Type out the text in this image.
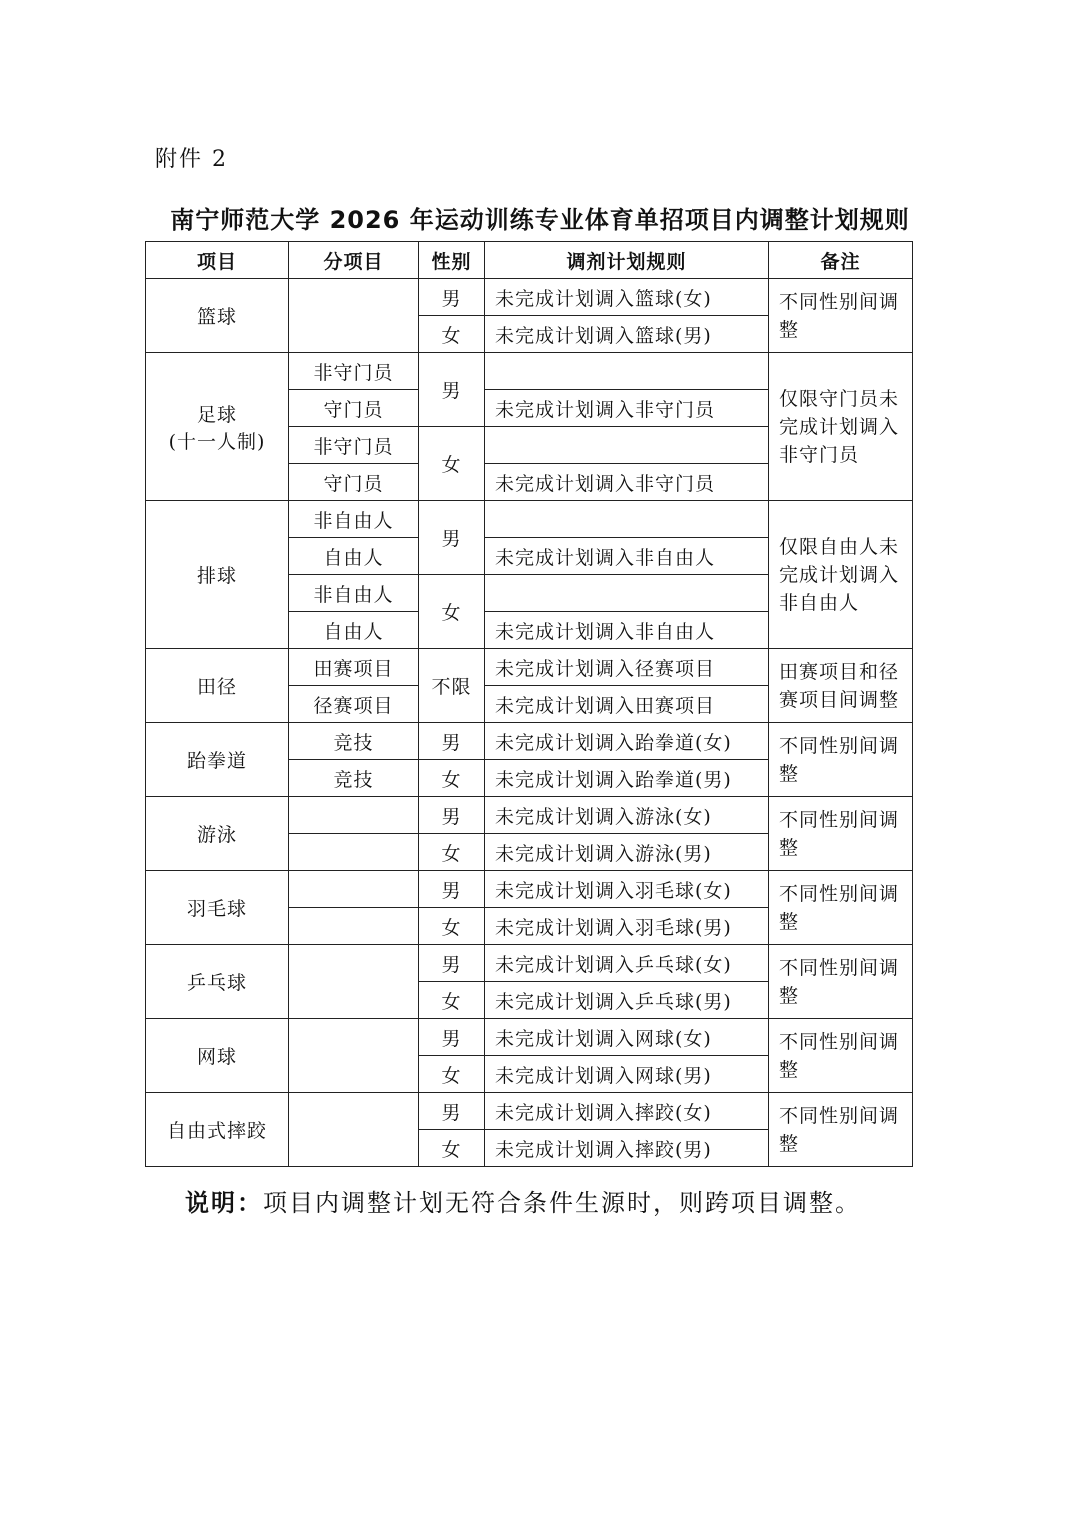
附件 2
南宁师范大学 2026 年运动训练专业体育单招项目内调整计划规则
项目	分项目	性别	调剂计划规则	备注
篮球		男	未完成计划调入篮球(女)	不同性别间调整
		女	未完成计划调入篮球(男)	

足球
(十一人制)	非守门员	男		仅限守门员未完成计划调入非守门员
	守门员		未完成计划调入非守门员	
	非守门员	女		
	守门员		未完成计划调入非守门员	
排球	非自由人	男		仅限自由人未完成计划调入非自由人
	自由人		未完成计划调入非自由人	
	非自由人	女		
	自由人		未完成计划调入非自由人	
田径	田赛项目	不限	未完成计划调入径赛项目	田赛项目和径赛项目间调整
	径赛项目		未完成计划调入田赛项目	
跆拳道	竞技	男	未完成计划调入跆拳道(女)	不同性别间调整
	竞技	女	未完成计划调入跆拳道(男)	
游泳		男	未完成计划调入游泳(女)	不同性别间调整
		女	未完成计划调入游泳(男)	
羽毛球		男	未完成计划调入羽毛球(女)	不同性别间调整
		女	未完成计划调入羽毛球(男)	
乒乓球		男	未完成计划调入乒乓球(女)	不同性别间调整
		女	未完成计划调入乒乓球(男)	
网球		男	未完成计划调入网球(女)	不同性别间调整
		女	未完成计划调入网球(男)	
自由式摔跤		男	未完成计划调入摔跤(女)	不同性别间调整
		女	未完成计划调入摔跤(男)	
说明：项目内调整计划无符合条件生源时，则跨项目调整。
